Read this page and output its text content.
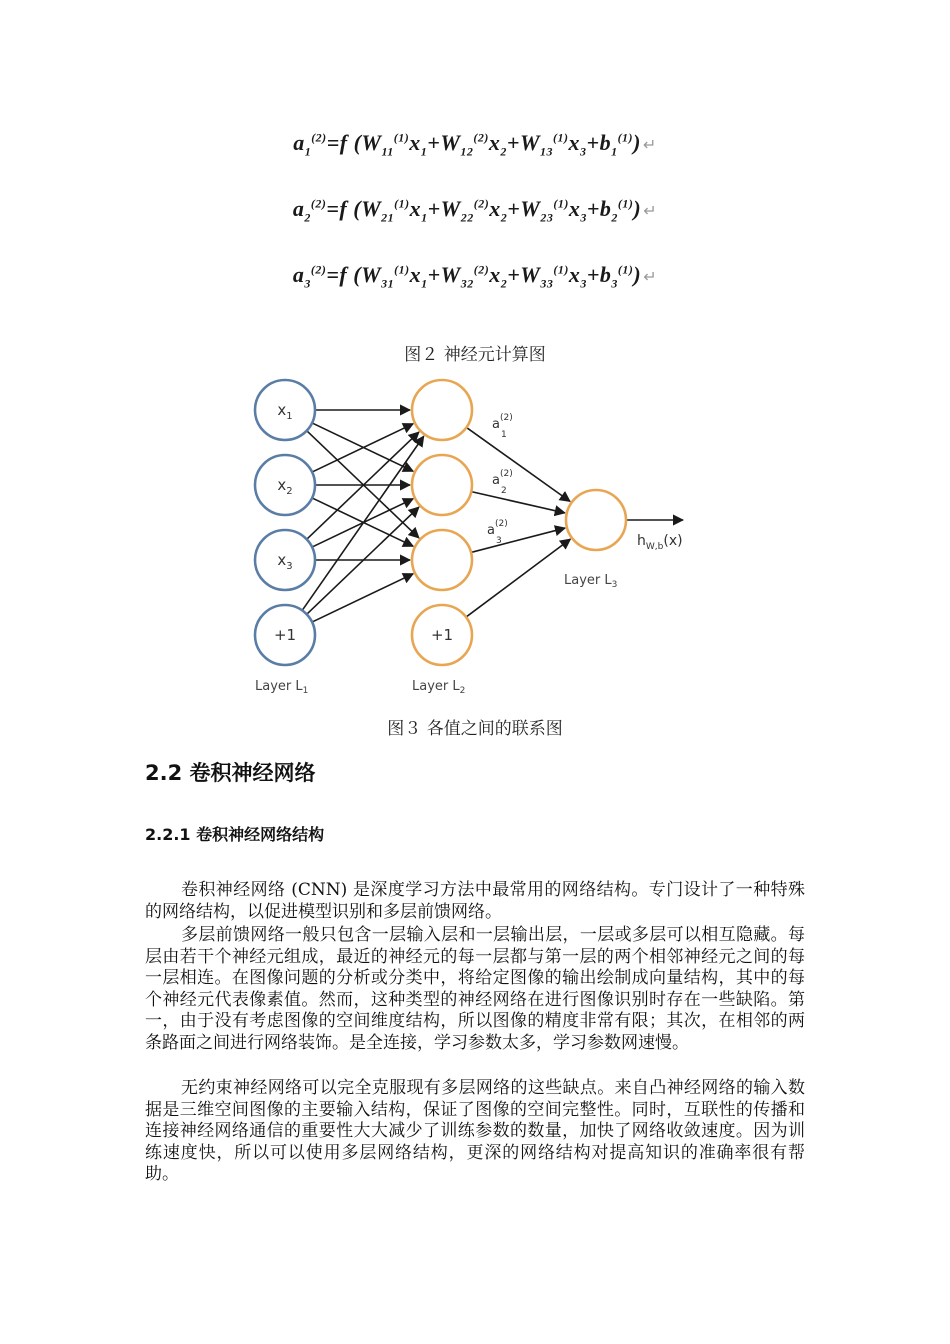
$a_1^{(2)}=f$ $(W_{11}^{(1)}x_1+W_{12}^{(2)}x_2+W_{13}^{(1)}x_3+b_1^{(1)})$ ↵
$a_2^{(2)}=f$ $(W_{21}^{(1)}x_1+W_{22}^{(2)}x_2+W_{23}^{(1)}x_3+b_2^{(1)})$ ↵
$a_3^{(2)}=f$ $(W_{31}^{(1)}x_1+W_{32}^{(2)}x_2+W_{33}^{(1)}x_3+b_3^{(1)})$ ↵
图２ 神经元计算图
$x_1$
$x_2$
$x_3$
+1	+1
$a^{(2)}$
1
$a^{(2)}$
2
$a^{(2)}$
3	$h_{W,b}(x)$
Layer $L_1$	Layer $L_2$
Layer $L_3$
图３ 各值之间的联系图
2.2 卷积神经网络
2.2.1 卷积神经网络结构

卷积神经网络 (CNN) 是深度学习方法中最常用的网络结构。专门设计了一种特殊的网络结构，以促进模型识别和多层前馈网络。

多层前馈网络一般只包含一层输入层和一层输出层，一层或多层可以相互隐藏。每层由若干个神经元组成，最近的神经元的每一层都与第一层的两个相邻神经元之间的每一层相连。在图像问题的分析或分类中，将给定图像的输出绘制成向量结构，其中的每个神经元代表像素值。然而，这种类型的神经网络在进行图像识别时存在一些缺陷。第一，由于没有考虑图像的空间维度结构，所以图像的精度非常有限；其次，在相邻的两条路面之间进行网络装饰。是全连接，学习参数太多，学习参数网速慢。

无约束神经网络可以完全克服现有多层网络的这些缺点。来自凸神经网络的输入数据是三维空间图像的主要输入结构，保证了图像的空间完整性。同时，互联性的传播和连接神经网络通信的重要性大大减少了训练参数的数量，加快了网络收敛速度。因为训练速度快，所以可以使用多层网络结构，更深的网络结构对提高知识的准确率很有帮助。
